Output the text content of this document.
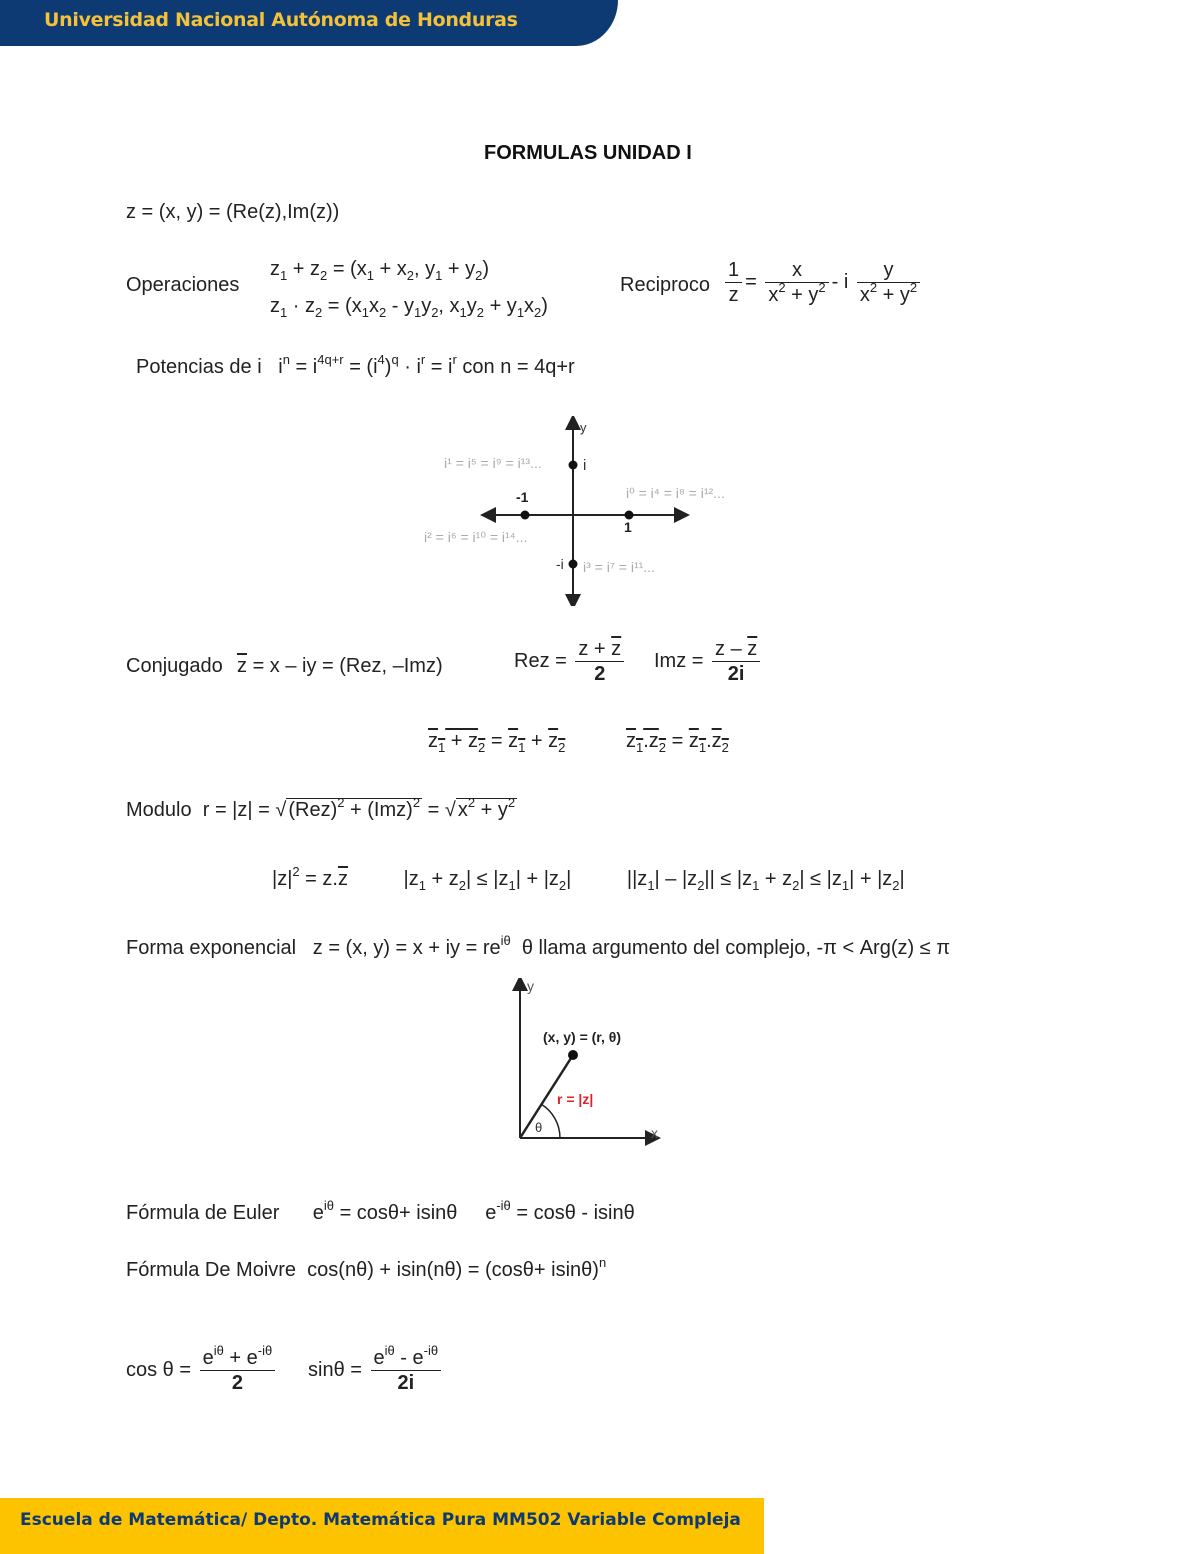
Universidad Nacional Autónoma de Honduras
FORMULAS UNIDAD I
z = (x, y) = (Re(z),Im(z))
Operaciones
$z_1 + z_2 = (x_1 + x_2$, $y_1 + y_2$)
$z_1 \cdot z_2 = (x_1x_2 - y_1y_2$, $x_1y_2 + y_1x_2$)
Reciproco $\frac{1}{z} = \frac{x}{x^2 + y^2} - i \frac{y}{x^2 + y^2}$
Potencias de i   $i^n = i^{4q+r} = (i^4)^q \cdot i^r = i^r$ con n = 4q+r
y
i
-1
1
-i
i¹ = i⁵ = i⁹ = i¹³...
i⁰ = i⁴ = i⁸ = i¹²...
i² = i⁶ = i¹⁰ = i¹⁴...
i³ = i⁷ = i¹¹...
Conjugado $\overline{z} = x$ – iy = (Rez, –Imz)	Rez = $\frac{z + \overline{z}}{2}$ Imz = $\frac{z - \overline{z}}{2i}$
$z_1 + z_2 = z_1 + z_2$	$z_1.z_2 = z_1.z_2$
Modulo  r = |z| = √ (Rez)$^2$ + (Imz)$^2$ = √ $x^2 + y^2$
$|z|^2 = z.\overline{z}$          $|z_1 + z_2| \le |z_1| + |z_2|$          $||z_1| - |z_2|| \le |z_1 + z_2| \le |z_1| + |z_2|$
Forma exponencial z = (x, y) = x + iy = $re^{i\theta}$ θ llama argumento del complejo, -π < Arg(z) ≤ π
y
x
(x, y) = (r, θ)
r = |z|
θ
Fórmula de Euler      $e^{i\theta} = \cos\theta+ isin\theta$     $e^{-i\theta} = \cos\theta - isin\theta$
Fórmula De Moivre $\cos(n\theta) + isin(n\theta) = (\cos\theta+ isin\theta)^n$
$\cos \theta = \frac{e^{i\theta} + e^{-i\theta}}{2}$ $\sin\theta = \frac{e^{i\theta} - e^{-i\theta}}{2i}$
Escuela de Matemática/ Depto. Matemática Pura MM502 Variable Compleja
